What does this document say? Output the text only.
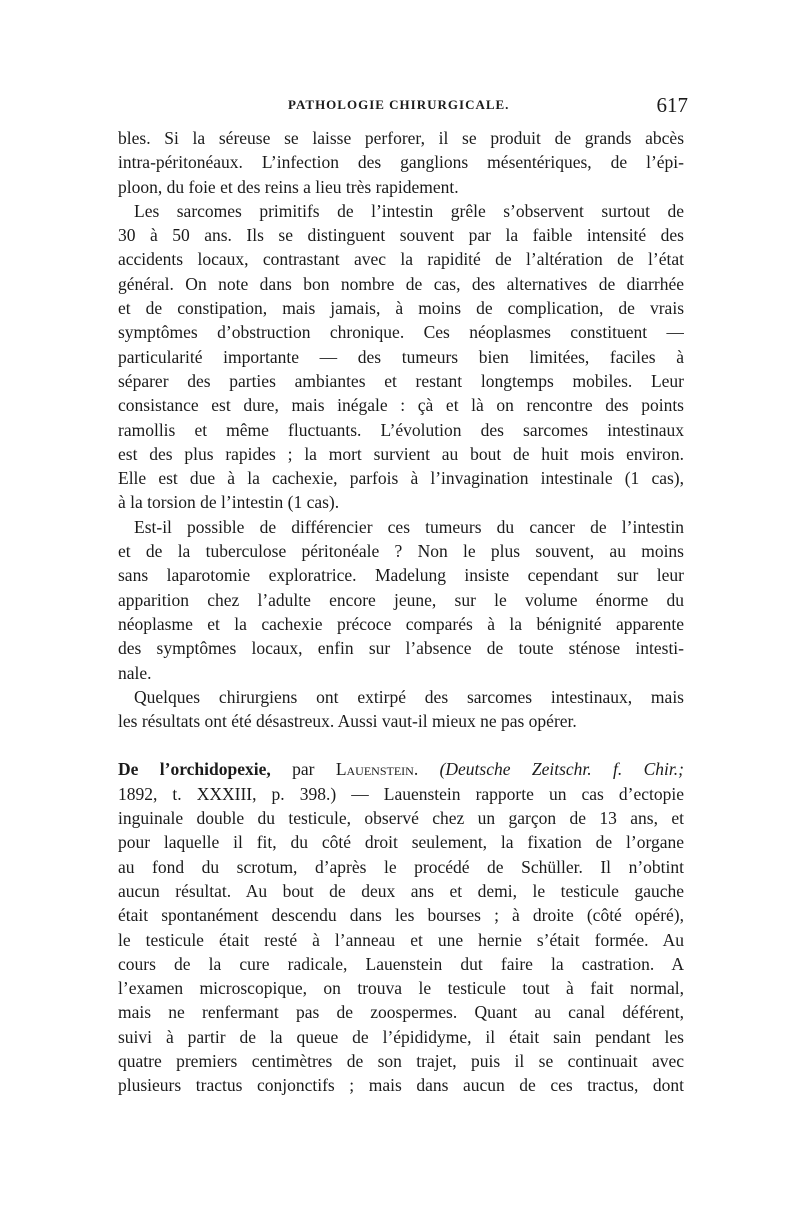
PATHOLOGIE CHIRURGICALE.	617
bles. Si la séreuse se laisse perforer, il se produit de grands abcès
intra-péritonéaux. L’infection des ganglions mésentériques, de l’épi-
ploon, du foie et des reins a lieu très rapidement.
Les sarcomes primitifs de l’intestin grêle s’observent surtout de
30 à 50 ans. Ils se distinguent souvent par la faible intensité des
accidents locaux, contrastant avec la rapidité de l’altération de l’état
général. On note dans bon nombre de cas, des alternatives de diarrhée
et de constipation, mais jamais, à moins de complication, de vrais
symptômes d’obstruction chronique. Ces néoplasmes constituent —
particularité importante — des tumeurs bien limitées, faciles à
séparer des parties ambiantes et restant longtemps mobiles. Leur
consistance est dure, mais inégale : çà et là on rencontre des points
ramollis et même fluctuants. L’évolution des sarcomes intestinaux
est des plus rapides ; la mort survient au bout de huit mois environ.
Elle est due à la cachexie, parfois à l’invagination intestinale (1 cas),
à la torsion de l’intestin (1 cas).
Est-il possible de différencier ces tumeurs du cancer de l’intestin
et de la tuberculose péritonéale ? Non le plus souvent, au moins
sans laparotomie exploratrice. Madelung insiste cependant sur leur
apparition chez l’adulte encore jeune, sur le volume énorme du
néoplasme et la cachexie précoce comparés à la bénignité apparente
des symptômes locaux, enfin sur l’absence de toute sténose intesti-
nale.
Quelques chirurgiens ont extirpé des sarcomes intestinaux, mais
les résultats ont été désastreux. Aussi vaut-il mieux ne pas opérer.
De l’orchidopexie, par Lauenstein. (Deutsche Zeitschr. f. Chir.;
1892, t. XXXIII, p. 398.) — Lauenstein rapporte un cas d’ectopie
inguinale double du testicule, observé chez un garçon de 13 ans, et
pour laquelle il fit, du côté droit seulement, la fixation de l’organe
au fond du scrotum, d’après le procédé de Schüller. Il n’obtint
aucun résultat. Au bout de deux ans et demi, le testicule gauche
était spontanément descendu dans les bourses ; à droite (côté opéré),
le testicule était resté à l’anneau et une hernie s’était formée. Au
cours de la cure radicale, Lauenstein dut faire la castration. A
l’examen microscopique, on trouva le testicule tout à fait normal,
mais ne renfermant pas de zoospermes. Quant au canal déférent,
suivi à partir de la queue de l’épididyme, il était sain pendant les
quatre premiers centimètres de son trajet, puis il se continuait avec
plusieurs tractus conjonctifs ; mais dans aucun de ces tractus, dont
